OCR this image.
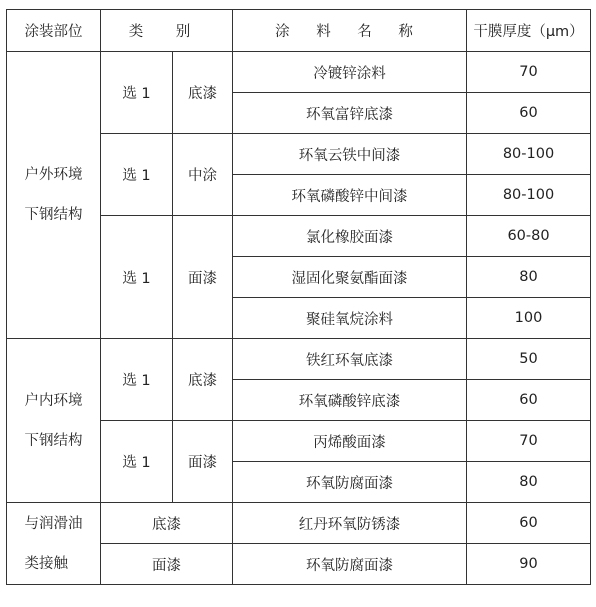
涂装部位	类 别		涂 料 名 称	干膜厚度（μm）

户外环境
下钢结构	选 1	底漆	冷镀锌涂料	70
			环氧富锌底漆	60
	选 1	中涂	环氧云铁中间漆	80-100
			环氧磷酸锌中间漆	80-100
	选 1	面漆	氯化橡胶面漆	60-80
			湿固化聚氨酯面漆	80
			聚硅氧烷涂料	100

户内环境
下钢结构	选 1	底漆	铁红环氧底漆	50
			环氧磷酸锌底漆	60
	选 1	面漆	丙烯酸面漆	70
			环氧防腐面漆	80

与润滑油
类接触	底漆		红丹环氧防锈漆	60
	面漆		环氧防腐面漆	90
